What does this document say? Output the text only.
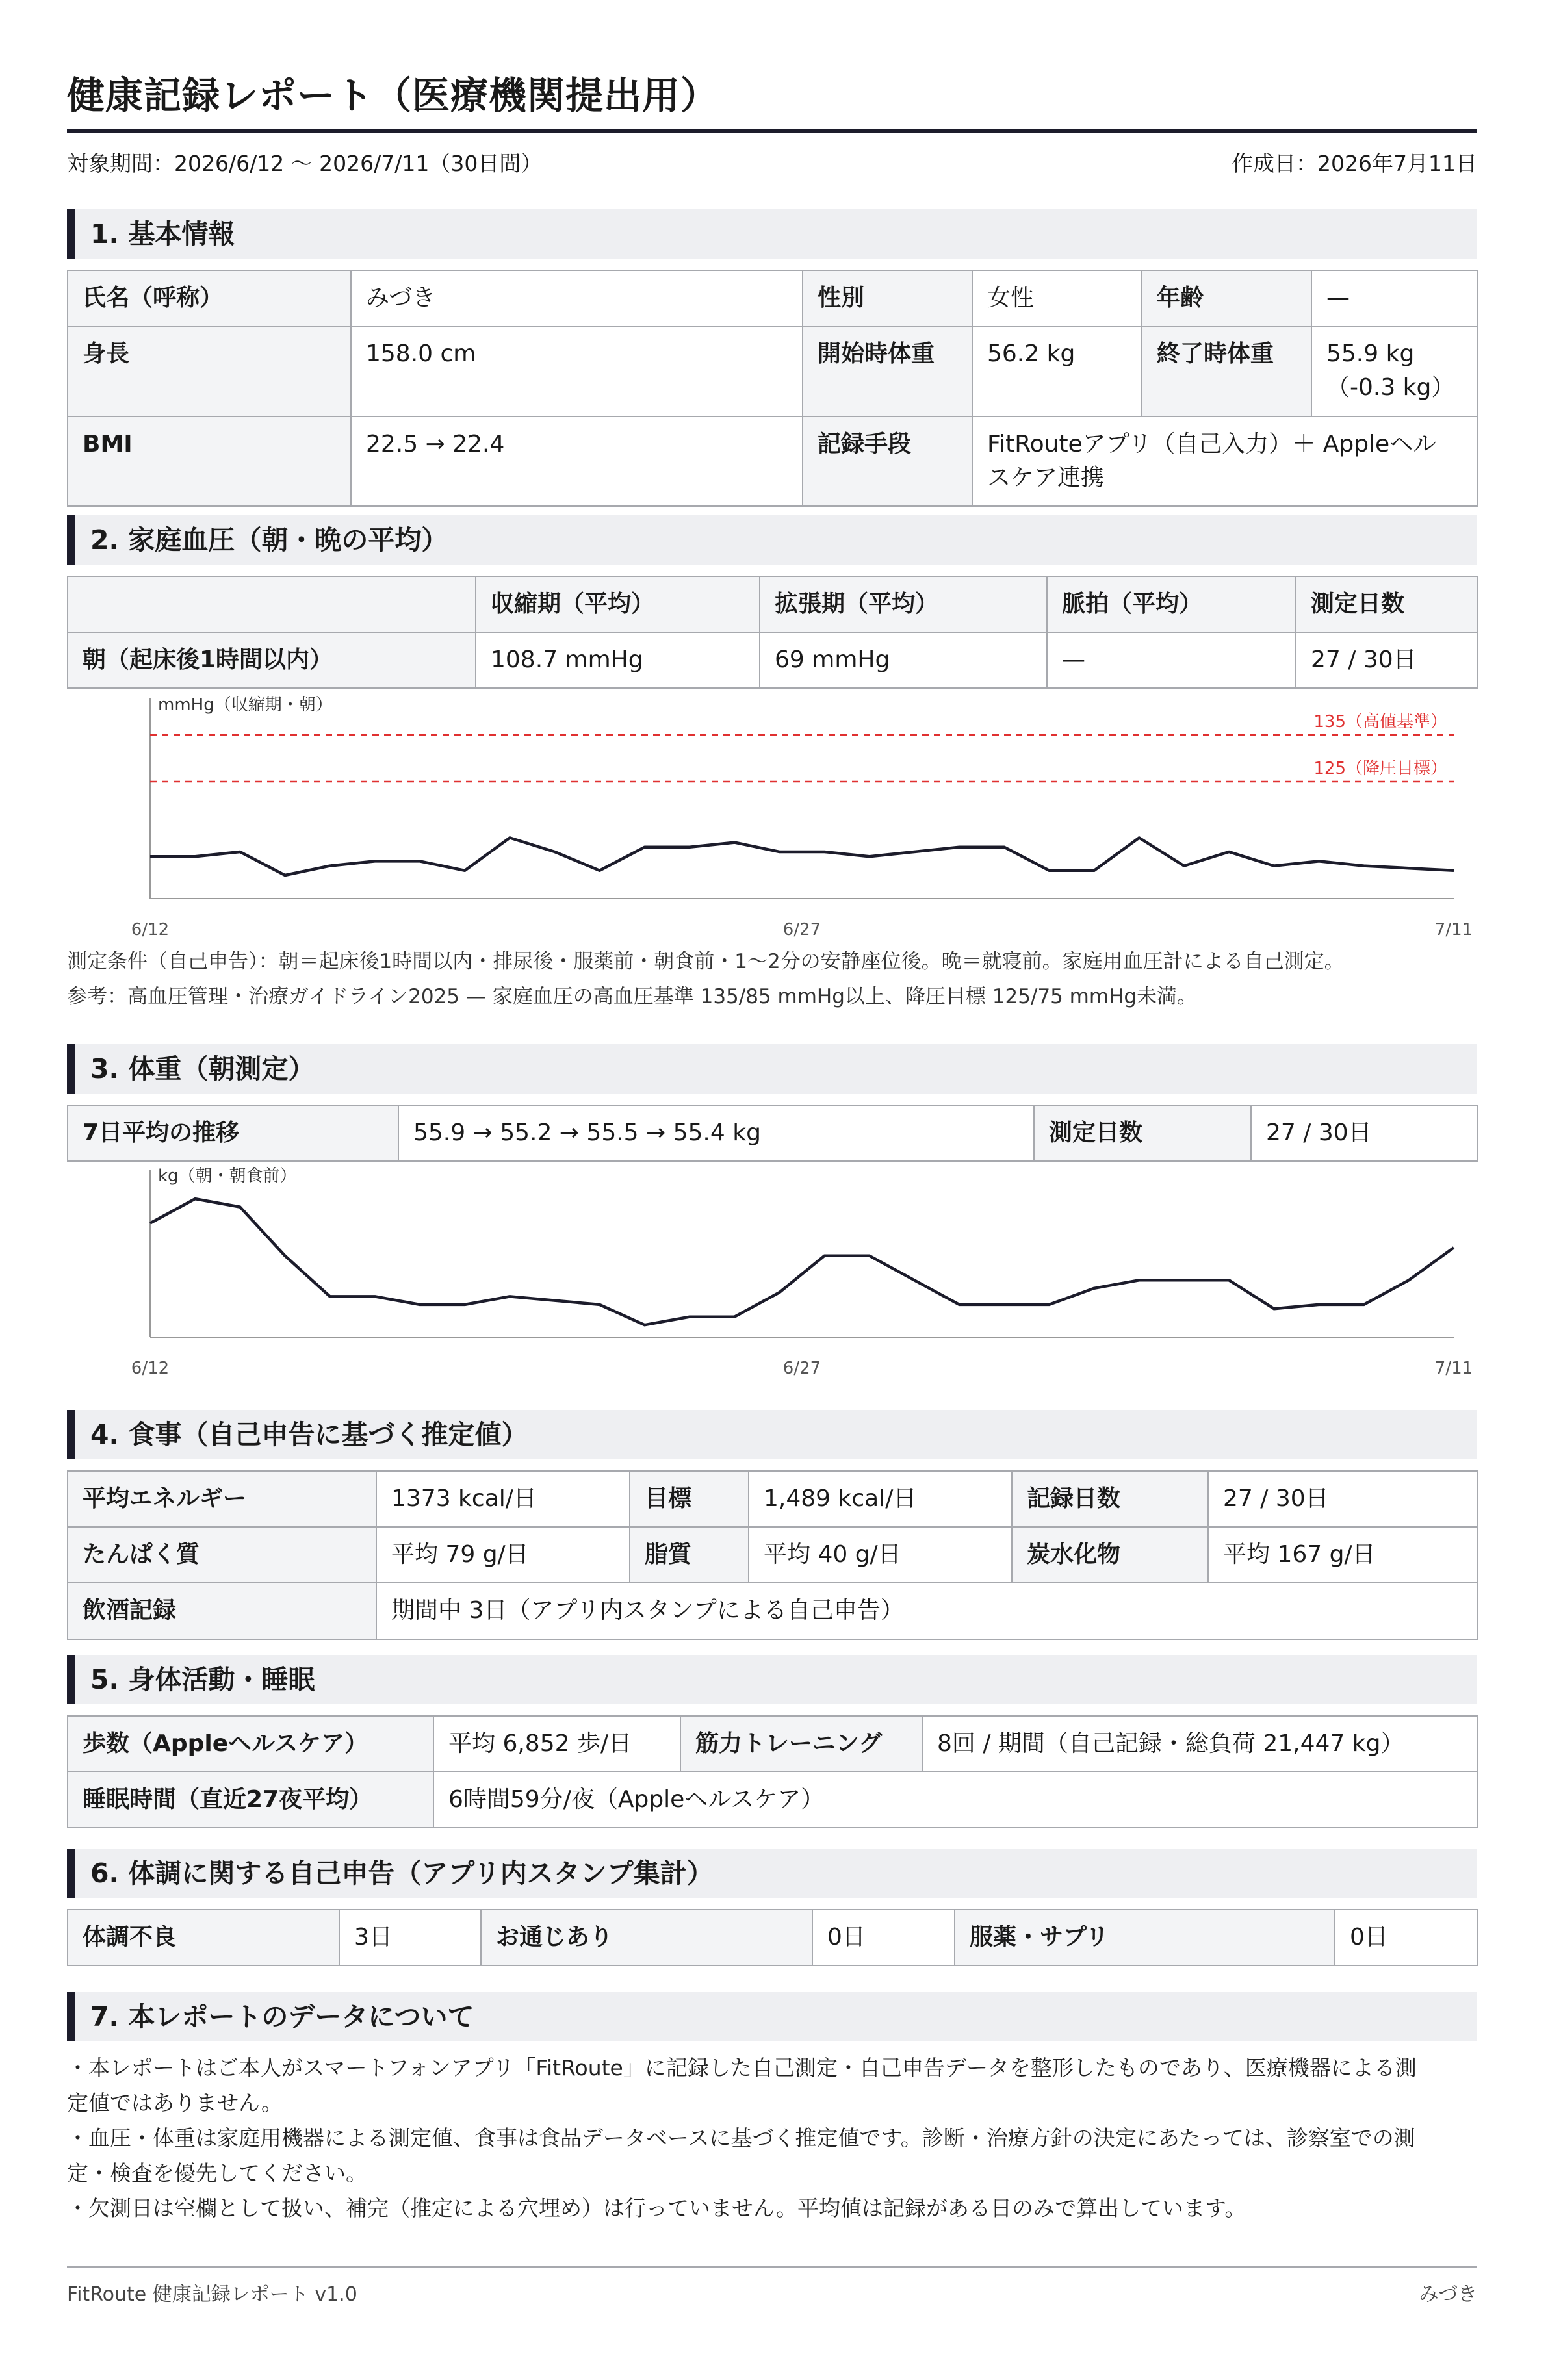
健康記録レポート（医療機関提出用）
対象期間：2026/6/12 〜 2026/7/11（30日間）	作成日：2026年7月11日
1. 基本情報
氏名（呼称）	みづき	性別	女性	年齢	—
身長	158.0 cm	開始時体重	56.2 kg	終了時体重	55.9 kg
（-0.3 kg）

BMI	22.5 → 22.4	記録手段	FitRouteアプリ（自己入力）＋ Appleヘル
スケア連携		
2. 家庭血圧（朝・晩の平均）
	収縮期（平均）	拡張期（平均）	脈拍（平均）	測定日数
朝（起床後1時間以内）	108.7 mmHg	69 mmHg	—	27 / 30日
mmHg（収縮期・朝）
135（高値基準）
125（降圧目標）
6/12	6/27	7/11
測定条件（自己申告）：朝＝起床後1時間以内・排尿後・服薬前・朝食前・1〜2分の安静座位後。晩＝就寝前。家庭用血圧計による自己測定。
参考：高血圧管理・治療ガイドライン2025 — 家庭血圧の高血圧基準 135/85 mmHg以上、降圧目標 125/75 mmHg未満。
3. 体重（朝測定）
7日平均の推移	55.9 → 55.2 → 55.5 → 55.4 kg	測定日数	27 / 30日
kg（朝・朝食前）
6/12	6/27	7/11
4. 食事（自己申告に基づく推定値）
平均エネルギー	1373 kcal/日	目標	1,489 kcal/日	記録日数	27 / 30日
たんぱく質	平均 79 g/日	脂質	平均 40 g/日	炭水化物	平均 167 g/日
飲酒記録	期間中 3日（アプリ内スタンプによる自己申告）				
5. 身体活動・睡眠
歩数（Appleヘルスケア）	平均 6,852 歩/日	筋力トレーニング	8回 / 期間（自己記録・総負荷 21,447 kg）
睡眠時間（直近27夜平均）	6時間59分/夜（Appleヘルスケア）		
6. 体調に関する自己申告（アプリ内スタンプ集計）
体調不良	3日	お通じあり	0日	服薬・サプリ	0日
7. 本レポートのデータについて
・本レポートはご本人がスマートフォンアプリ「FitRoute」に記録した自己測定・自己申告データを整形したものであり、医療機器による測
定値ではありません。
・血圧・体重は家庭用機器による測定値、食事は食品データベースに基づく推定値です。診断・治療方針の決定にあたっては、診察室での測
定・検査を優先してください。
・欠測日は空欄として扱い、補完（推定による穴埋め）は行っていません。平均値は記録がある日のみで算出しています。
FitRoute 健康記録レポート v1.0	みづき
